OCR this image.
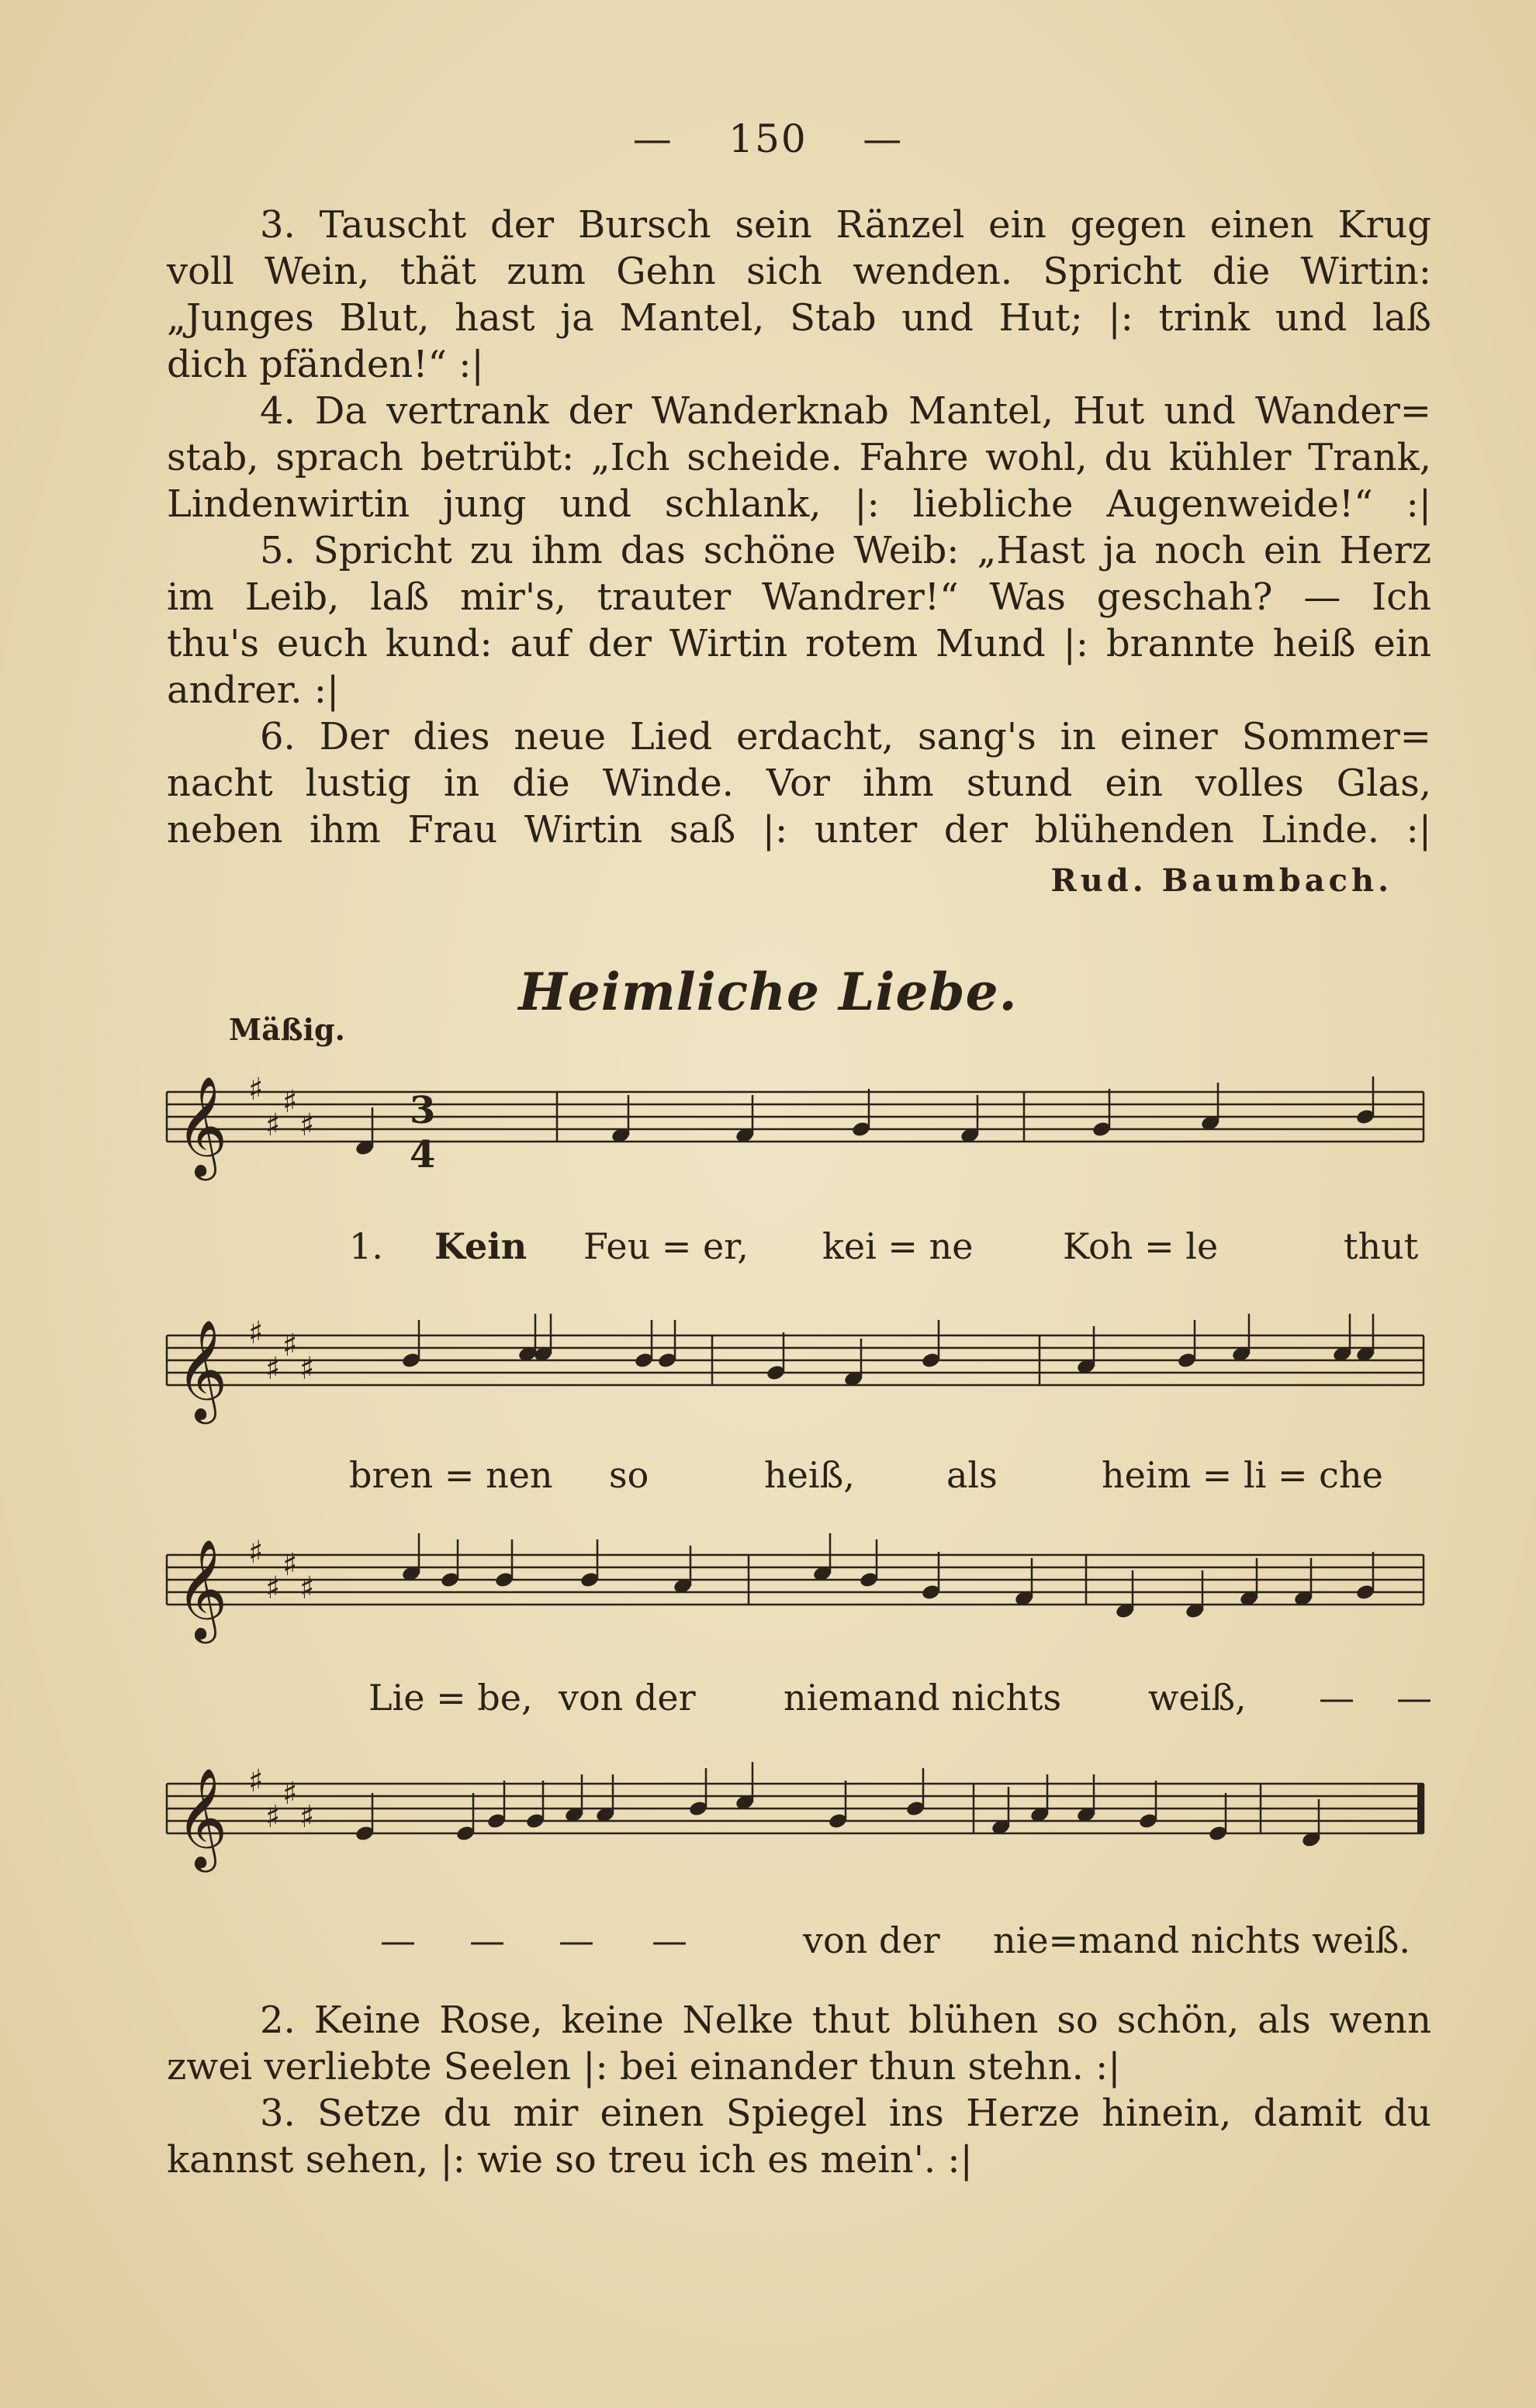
— 150 —
3. Tauscht der Bursch sein Ränzel ein gegen einen Krug
voll Wein, thät zum Gehn sich wenden. Spricht die Wirtin:
„Junges Blut, hast ja Mantel, Stab und Hut; |: trink und laß
dich pfänden!“ :|
4. Da vertrank der Wanderknab Mantel, Hut und Wander=
stab, sprach betrübt: „Ich scheide. Fahre wohl, du kühler Trank,
Lindenwirtin jung und schlank, |: liebliche Augenweide!“ :|
5. Spricht zu ihm das schöne Weib: „Hast ja noch ein Herz
im Leib, laß mir's, trauter Wandrer!“ Was geschah? — Ich
thu's euch kund: auf der Wirtin rotem Mund |: brannte heiß ein
andrer. :|
6. Der dies neue Lied erdacht, sang's in einer Sommer=
nacht lustig in die Winde. Vor ihm stund ein volles Glas,
neben ihm Frau Wirtin saß |: unter der blühenden Linde. :|
Rud. Baumbach.
Heimliche Liebe.
Mäßig.
𝄞 ♯
♯
♯
♯
𝄞 ♯
♯
♯
♯
𝄞 ♯
♯
♯
♯
𝄞 ♯
♯
♯
♯
3
4
1. Kein Feu = er, kei = ne	Koh = le	thut
bren = nen so	heiß,	als	heim = li = che
Lie = be, von der niemand nichts weiß, — —
— — — —	von der nie=mand nichts weiß.
2. Keine Rose, keine Nelke thut blühen so schön, als wenn
zwei verliebte Seelen |: bei einander thun stehn. :|
3. Setze du mir einen Spiegel ins Herze hinein, damit du
kannst sehen, |: wie so treu ich es mein'. :|
